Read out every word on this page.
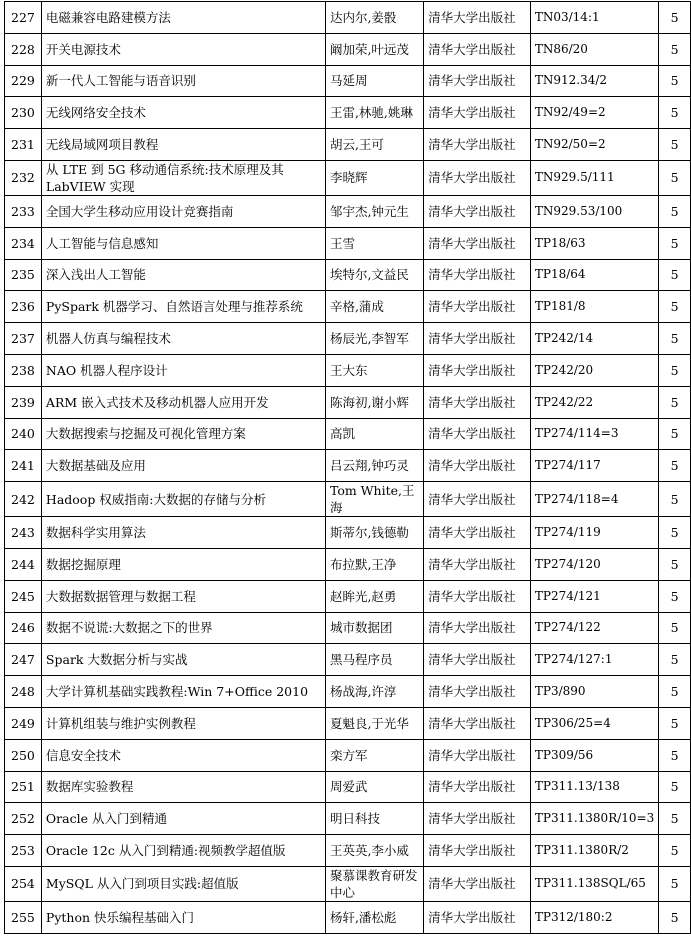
227	电磁兼容电路建模方法	达内尔,姜骰	清华大学出版社	TN03/14:1	5
228	开关电源技术	阚加荣,叶远茂	清华大学出版社	TN86/20	5
229	新一代人工智能与语音识别	马延周	清华大学出版社	TN912.34/2	5
230	无线网络安全技术	王雷,林驰,姚琳	清华大学出版社	TN92/49=2	5
231	无线局域网项目教程	胡云,王可	清华大学出版社	TN92/50=2	5
232	从 LTE 到 5G 移动通信系统:技术原理及其 LabVIEW 实现	李晓辉	清华大学出版社	TN929.5/111	5
233	全国大学生移动应用设计竞赛指南	邹宇杰,钟元生	清华大学出版社	TN929.53/100	5
234	人工智能与信息感知	王雪	清华大学出版社	TP18/63	5
235	深入浅出人工智能	埃特尔,文益民	清华大学出版社	TP18/64	5
236	PySpark 机器学习、自然语言处理与推荐系统	辛格,蒲成	清华大学出版社	TP181/8	5
237	机器人仿真与编程技术	杨辰光,李智军	清华大学出版社	TP242/14	5
238	NAO 机器人程序设计	王大东	清华大学出版社	TP242/20	5
239	ARM 嵌入式技术及移动机器人应用开发	陈海初,谢小辉	清华大学出版社	TP242/22	5
240	大数据搜索与挖掘及可视化管理方案	高凯	清华大学出版社	TP274/114=3	5
241	大数据基础及应用	吕云翔,钟巧灵	清华大学出版社	TP274/117	5
242	Hadoop 权威指南:大数据的存储与分析	Tom White,王海	清华大学出版社	TP274/118=4	5
243	数据科学实用算法	斯蒂尔,钱德勒	清华大学出版社	TP274/119	5
244	数据挖掘原理	布拉默,王净	清华大学出版社	TP274/120	5
245	大数据数据管理与数据工程	赵眸光,赵勇	清华大学出版社	TP274/121	5
246	数据不说谎:大数据之下的世界	城市数据团	清华大学出版社	TP274/122	5
247	Spark 大数据分析与实战	黑马程序员	清华大学出版社	TP274/127:1	5
248	大学计算机基础实践教程:Win 7+Office 2010	杨战海,许淳	清华大学出版社	TP3/890	5
249	计算机组装与维护实例教程	夏魁良,于光华	清华大学出版社	TP306/25=4	5
250	信息安全技术	栾方军	清华大学出版社	TP309/56	5
251	数据库实验教程	周爱武	清华大学出版社	TP311.13/138	5
252	Oracle 从入门到精通	明日科技	清华大学出版社	TP311.1380R/10=3	5
253	Oracle 12c 从入门到精通:视频教学超值版	王英英,李小威	清华大学出版社	TP311.1380R/2	5
254	MySQL 从入门到项目实践:超值版	聚慕课教育研发中心	清华大学出版社	TP311.138SQL/65	5
255	Python 快乐编程基础入门	杨轩,潘松彪	清华大学出版社	TP312/180:2	5
